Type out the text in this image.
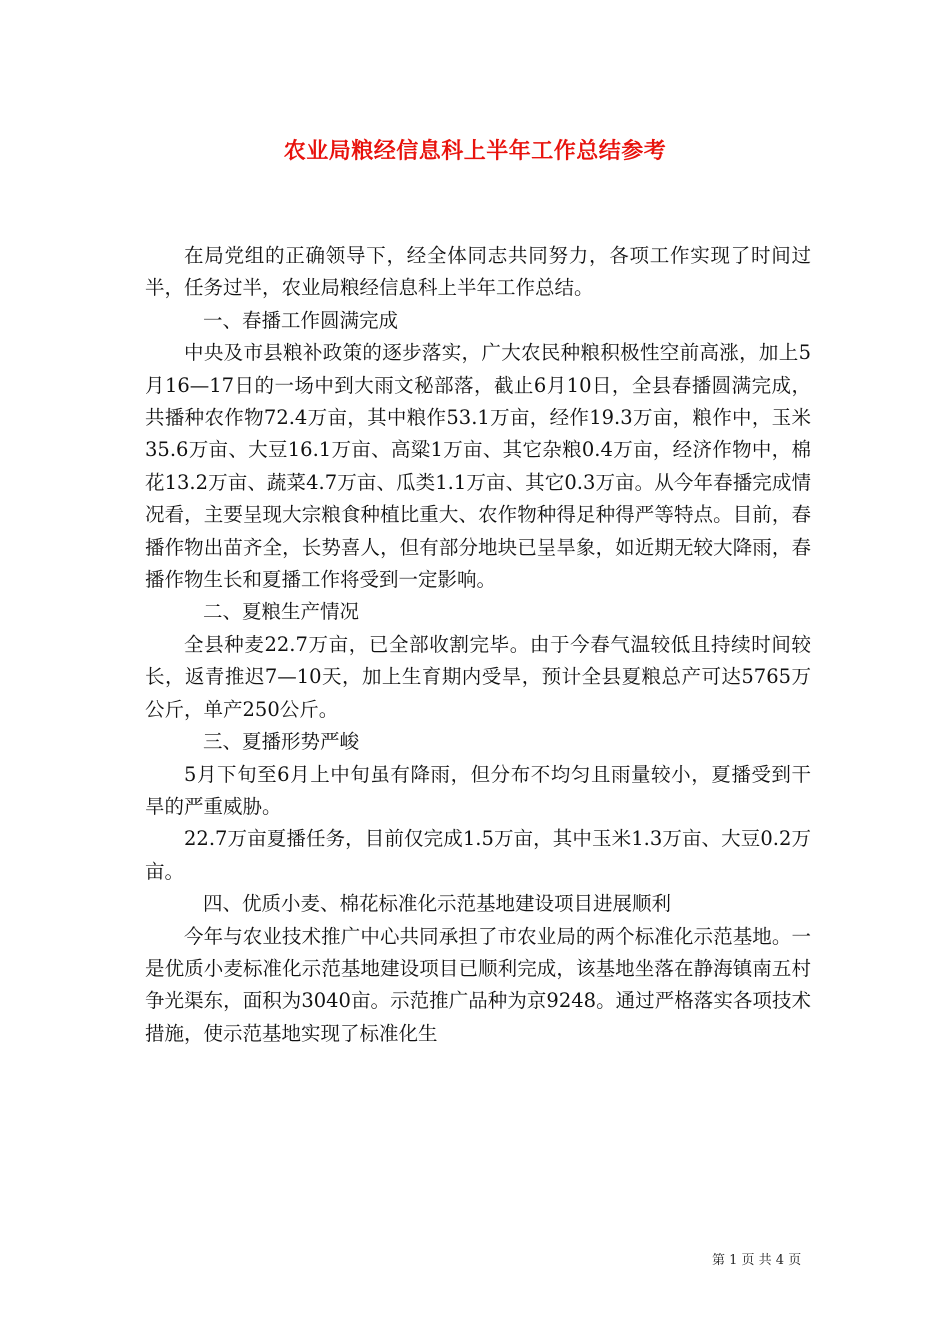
农业局粮经信息科上半年工作总结参考

在局党组的正确领导下，经全体同志共同努力，各项工作实现了时间过半，任务过半，农业局粮经信息科上半年工作总结。

一、春播工作圆满完成

中央及市县粮补政策的逐步落实，广大农民种粮积极性空前高涨，加上5月16—17日的一场中到大雨文秘部落，截止6月10日，全县春播圆满完成，共播种农作物72.4万亩，其中粮作53.1万亩，经作19.3万亩，粮作中，玉米35.6万亩、大豆16.1万亩、高粱1万亩、其它杂粮0.4万亩，经济作物中，棉花13.2万亩、蔬菜4.7万亩、瓜类1.1万亩、其它0.3万亩。从今年春播完成情况看，主要呈现大宗粮食种植比重大、农作物种得足种得严等特点。目前，春播作物出苗齐全，长势喜人，但有部分地块已呈旱象，如近期无较大降雨，春播作物生长和夏播工作将受到一定影响。

二、夏粮生产情况

全县种麦22.7万亩，已全部收割完毕。由于今春气温较低且持续时间较长，返青推迟7—10天，加上生育期内受旱，预计全县夏粮总产可达5765万公斤，单产250公斤。

三、夏播形势严峻

5月下旬至6月上中旬虽有降雨，但分布不均匀且雨量较小，夏播受到干旱的严重威胁。

22.7万亩夏播任务，目前仅完成1.5万亩，其中玉米1.3万亩、大豆0.2万亩。

四、优质小麦、棉花标准化示范基地建设项目进展顺利

今年与农业技术推广中心共同承担了市农业局的两个标准化示范基地。一是优质小麦标准化示范基地建设项目已顺利完成，该基地坐落在静海镇南五村争光渠东，面积为3040亩。示范推广品种为京9248。通过严格落实各项技术措施，使示范基地实现了标准化生

第 1 页 共 4 页
